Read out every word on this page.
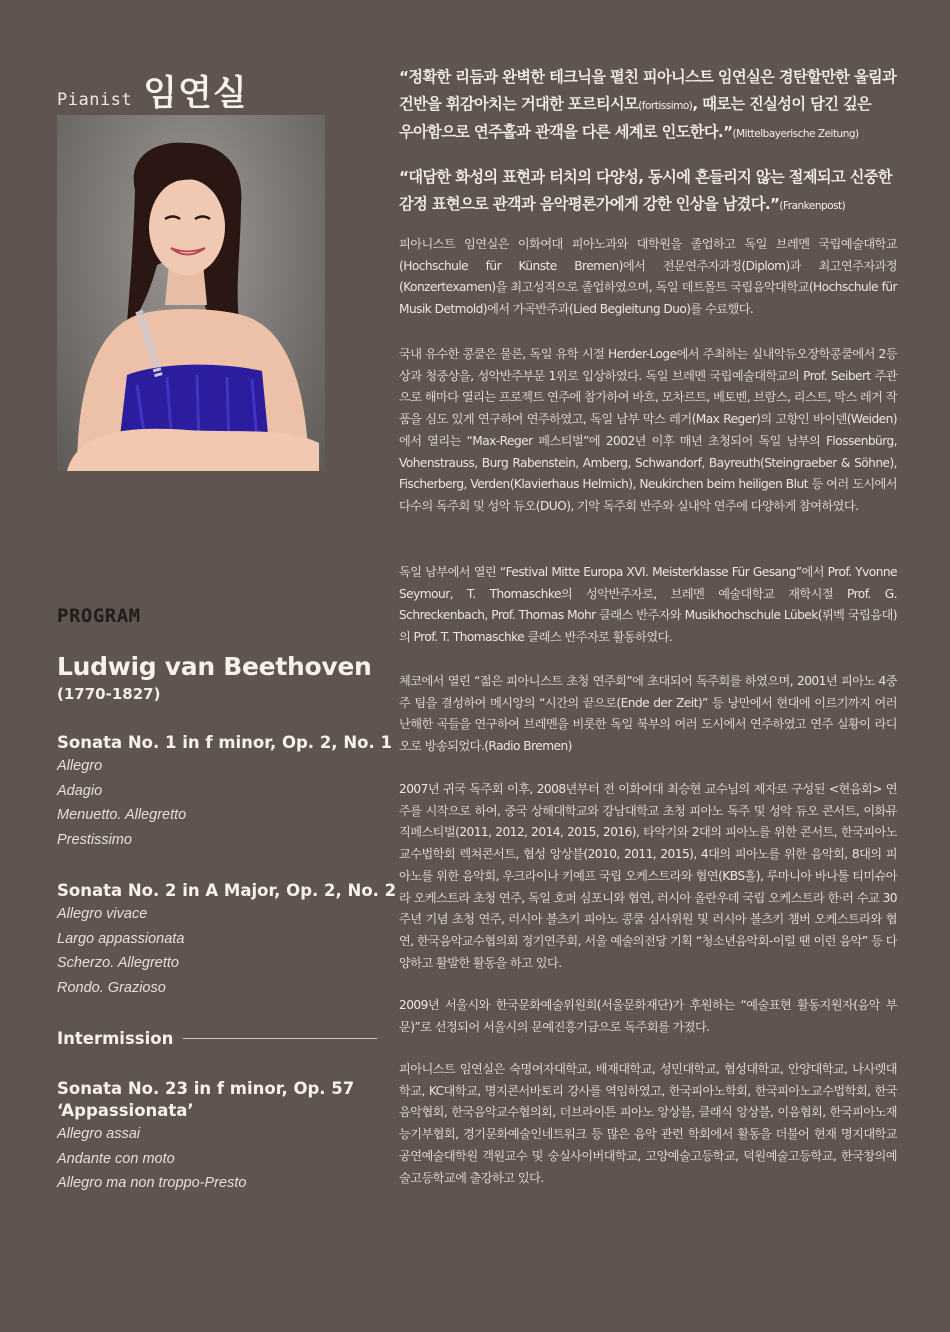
Pianist 임연실
PROGRAM
Ludwig van Beethoven
(1770-1827)
Sonata No. 1 in f minor, Op. 2, No. 1
Allegro
Adagio
Menuetto. Allegretto
Prestissimo
Sonata No. 2 in A Major, Op. 2, No. 2
Allegro vivace
Largo appassionata
Scherzo. Allegretto
Rondo. Grazioso
Intermission
Sonata No. 23 in f minor, Op. 57
‘Appassionata’
Allegro assai
Andante con moto
Allegro ma non troppo-Presto
“정확한 리듬과 완벽한 테크닉을 펼친 피아니스트 임연실은 경탄할만한 울림과
건반을 휘감아치는 거대한 포르티시모(fortissimo), 때로는 진실성이 담긴 깊은
우아함으로 연주홀과 관객을 다른 세계로 인도한다.”(Mittelbayerische Zeitung)
“대담한 화성의 표현과 터치의 다양성, 동시에 흔들리지 않는 절제되고 신중한
감정 표현으로 관객과 음악평론가에게 강한 인상을 남겼다.”(Frankenpost)
피아니스트 임연실은 이화여대 피아노과와 대학원을 졸업하고 독일 브레멘 국립예술대학교(Hochschule für Künste Bremen)에서 전문연주자과정(Diplom)과 최고연주자과정(Konzertexamen)을 최고성적으로 졸업하였으며, 독일 데트몰트 국립음악대학교(Hochschule für Musik Detmold)에서 가곡반주과(Lied Begleitung Duo)를 수료했다.
국내 유수한 콩쿨은 물론, 독일 유학 시절 Herder-Loge에서 주최하는 실내악듀오장학콩쿨에서 2등상과 청중상을, 성악반주부문 1위로 입상하였다. 독일 브레멘 국립예술대학교의 Prof. Seibert 주관으로 해마다 열리는 프로젝트 연주에 참가하여 바흐, 모차르트, 베토벤, 브람스, 리스트, 막스 레거 작품을 심도 있게 연구하여 연주하였고, 독일 남부 막스 레거(Max Reger)의 고향인 바이덴(Weiden)에서 열리는 “Max-Reger 페스티벌”에 2002년 이후 매년 초청되어 독일 남부의 Flossenbürg, Vohenstrauss, Burg Rabenstein, Amberg, Schwandorf, Bayreuth(Steingraeber & Söhne), Fischerberg, Verden(Klavierhaus Helmich), Neukirchen beim heiligen Blut 등 여러 도시에서 다수의 독주회 및 성악 듀오(DUO), 기악 독주회 반주와 실내악 연주에 다양하게 참여하였다.
독일 남부에서 열린 “Festival Mitte Europa XVI. Meisterklasse Für Gesang”에서 Prof. Yvonne Seymour, T. Thomaschke의 성악반주자로, 브레멘 예술대학교 재학시절 Prof. G. Schreckenbach, Prof. Thomas Mohr 클래스 반주자와 Musikhochschule Lübek(뤼벡 국립음대)의 Prof. T. Thomaschke 클래스 반주자로 활동하였다.
체코에서 열린 “젊은 피아니스트 초청 연주회”에 초대되어 독주회를 하였으며, 2001년 피아노 4중주 팀을 결성하여 메시앙의 “시간의 끝으로(Ende der Zeit)” 등 낭만에서 현대에 이르기까지 여러 난해한 곡들을 연구하여 브레멘을 비롯한 독일 북부의 여러 도시에서 연주하였고 연주 실황이 라디오로 방송되었다.(Radio Bremen)
2007년 귀국 독주회 이후, 2008년부터 전 이화여대 최승현 교수님의 제자로 구성된 <현음회> 연주를 시작으로 하여, 중국 상해대학교와 강남대학교 초청 피아노 독주 및 성악 듀오 콘서트, 이화뮤직페스티벌(2011, 2012, 2014, 2015, 2016), 타악기와 2대의 피아노를 위한 콘서트, 한국피아노교수법학회 렉쳐콘서트, 협성 앙상블(2010, 2011, 2015), 4대의 피아노를 위한 음악회, 8대의 피아노를 위한 음악회, 우크라이나 키예프 국립 오케스트라와 협연(KBS홀), 루마니아 바나툴 티미슈아라 오케스트라 초청 연주, 독일 호퍼 심포니와 협연, 러시아 올란우데 국립 오케스트라 한·러 수교 30주년 기념 초청 연주, 러시아 볼츠키 피아노 콩쿨 심사위원 및 러시아 볼츠키 챔버 오케스트라와 협연, 한국음악교수협의회 정기연주회, 서울 예술의전당 기획 “청소년음악회-이럴 땐 이런 음악” 등 다양하고 활발한 활동을 하고 있다.
2009년 서울시와 한국문화예술위원회(서울문화재단)가 후원하는 “예술표현 활동지원자(음악 부문)”로 선정되어 서울시의 문예진흥기금으로 독주회를 가졌다.
피아니스트 임연실은 숙명여자대학교, 배재대학교, 성민대학교, 협성대학교, 안양대학교, 나사렛대학교, KC대학교, 명지콘서바토리 강사를 역임하였고, 한국피아노학회, 한국피아노교수법학회, 한국음악협회, 한국음악교수협의회, 더브라이튼 피아노 앙상블, 클래식 앙상블, 이음협회, 한국피아노재능기부협회, 경기문화예술인네트워크 등 많은 음악 관련 학회에서 활동을 더불어 현재 명지대학교 공연예술대학원 객원교수 및 숭실사이버대학교, 고양예술고등학교, 덕원예술고등학교, 한국창의예술고등학교에 출강하고 있다.
